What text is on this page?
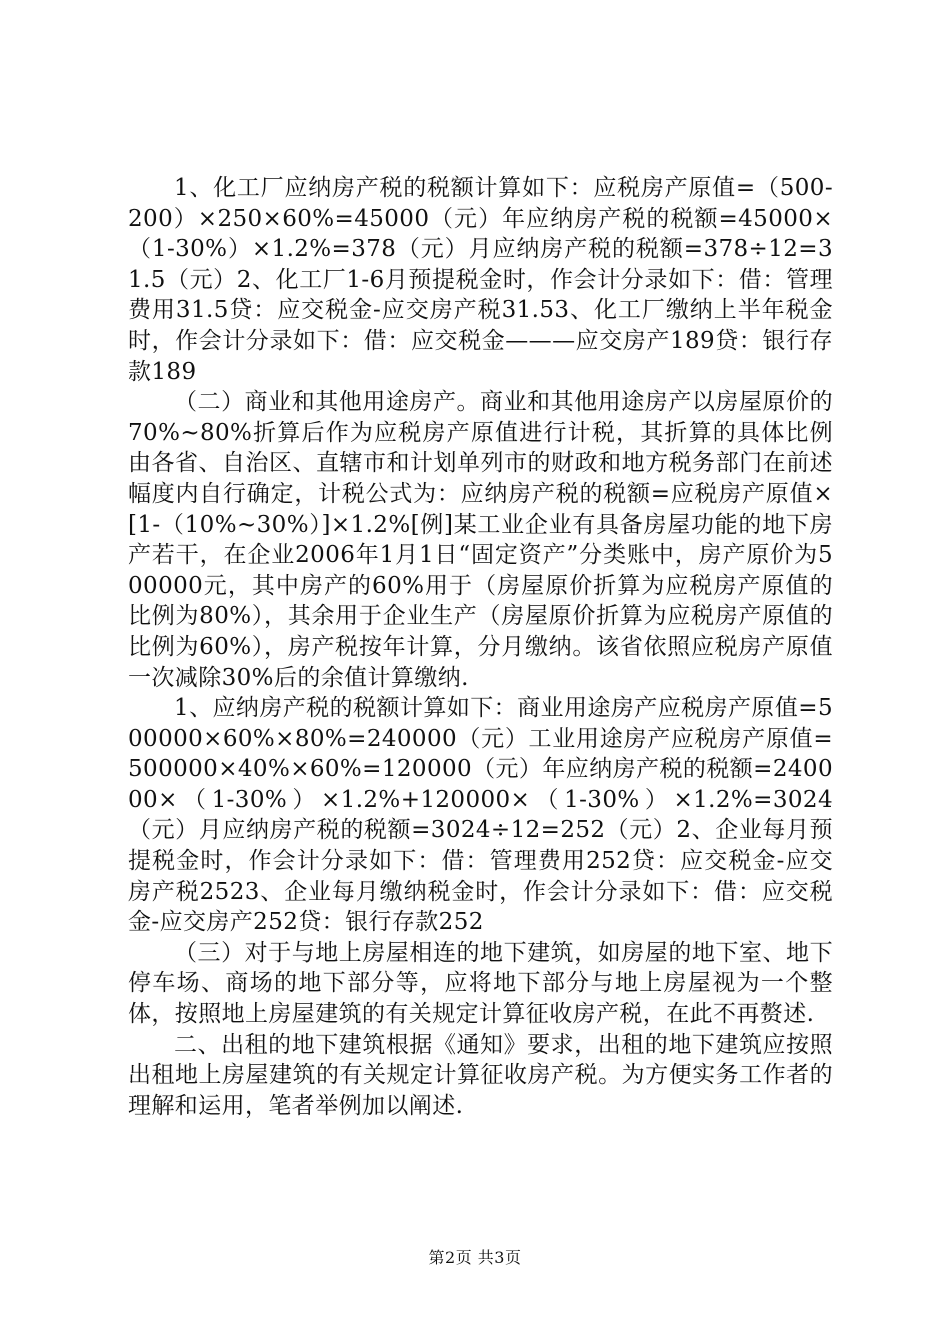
1、化工厂应纳房产税的税额计算如下：应税房产原值=（500-200）×250×60%=45000（元）年应纳房产税的税额=45000×（1-30%）×1.2%=378（元）月应纳房产税的税额=378÷12=31.5（元）2、化工厂1-6月预提税金时，作会计分录如下：借：管理费用31.5贷：应交税金-应交房产税31.53、化工厂缴纳上半年税金时，作会计分录如下：借：应交税金———应交房产189贷：银行存款189

（二）商业和其他用途房产。商业和其他用途房产以房屋原价的70%~80%折算后作为应税房产原值进行计税，其折算的具体比例由各省、自治区、直辖市和计划单列市的财政和地方税务部门在前述幅度内自行确定，计税公式为：应纳房产税的税额=应税房产原值×[1-（10%~30%）]×1.2%[例]某工业企业有具备房屋功能的地下房产若干，在企业2006年1月1日“固定资产”分类账中，房产原价为500000元，其中房产的60%用于（房屋原价折算为应税房产原值的比例为80%），其余用于企业生产（房屋原价折算为应税房产原值的比例为60%），房产税按年计算，分月缴纳。该省依照应税房产原值一次减除30%后的余值计算缴纳.

1、应纳房产税的税额计算如下：商业用途房产应税房产原值=500000×60%×80%=240000（元）工业用途房产应税房产原值=500000×40%×60%=120000（元）年应纳房产税的税额=240000×（1-30%）×1.2%+120000×（1-30%）×1.2%=3024（元）月应纳房产税的税额=3024÷12=252（元）2、企业每月预提税金时，作会计分录如下：借：管理费用252贷：应交税金-应交房产税2523、企业每月缴纳税金时，作会计分录如下：借：应交税金-应交房产252贷：银行存款252

（三）对于与地上房屋相连的地下建筑，如房屋的地下室、地下停车场、商场的地下部分等，应将地下部分与地上房屋视为一个整体，按照地上房屋建筑的有关规定计算征收房产税，在此不再赘述.

二、出租的地下建筑根据《通知》要求，出租的地下建筑应按照出租地上房屋建筑的有关规定计算征收房产税。为方便实务工作者的理解和运用，笔者举例加以阐述.

第2页 共3页
